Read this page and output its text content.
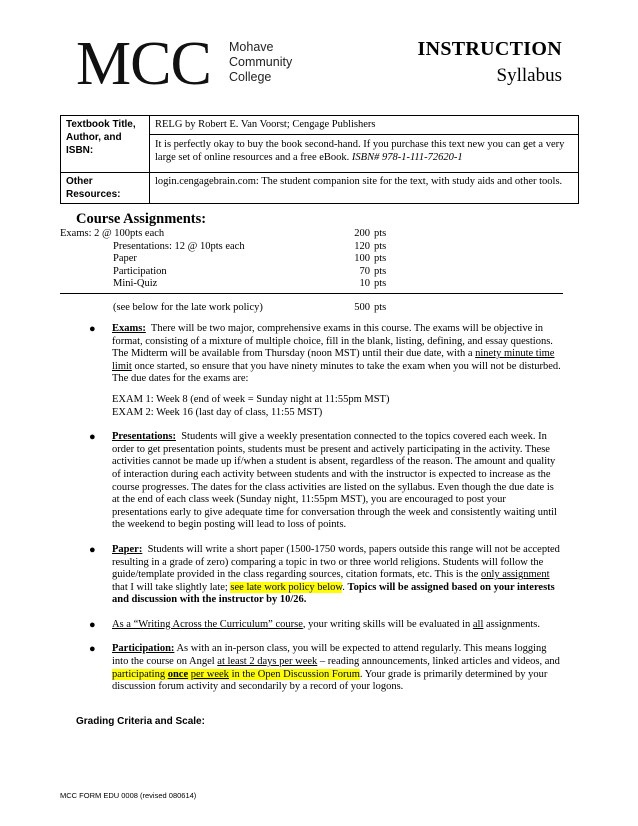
MCC Mohave
Community
College
INSTRUCTION
Syllabus
Textbook Title, Author, and ISBN:	RELG by Robert E. Van Voorst; Cengage Publishers
It is perfectly okay to buy the book second-hand. If you purchase this text new you can get a very large set of online resources and a free eBook. ISBN# 978-1-111-72620-1

Other Resources:	login.cengagebrain.com: The student companion site for the text, with study aids and other tools.
Course Assignments:
Exams: 2 @ 100pts each	200 pts
Presentations: 12 @ 10pts each	120 pts
Paper	100 pts
Participation	70 pts
Mini-Quiz	10 pts
(see below for the late work policy)	500 pts
● Exams: There will be two major, comprehensive exams in this course. The exams will be objective in format, consisting of a mixture of multiple choice, fill in the blank, listing, defining, and essay questions. The Midterm will be available from Thursday (noon MST) until their due date, with a ninety minute time limit once started, so ensure that you have ninety minutes to take the exam when you will not be disturbed. The due dates for the exams are:
EXAM 1: Week 8 (end of week = Sunday night at 11:55pm MST)
EXAM 2: Week 16 (last day of class, 11:55 MST)
● Presentations: Students will give a weekly presentation connected to the topics covered each week. In order to get presentation points, students must be present and actively participating in the activity. These activities cannot be made up if/when a student is absent, regardless of the reason. The amount and quality of interaction during each activity between students and with the instructor is expected to increase as the course progresses. The dates for the class activities are listed on the syllabus. Even though the due date is at the end of each class week (Sunday night, 11:55pm MST), you are encouraged to post your presentations early to give adequate time for conversation through the week and consistently waiting until the weekend to begin posting will lead to loss of points.
● Paper: Students will write a short paper (1500-1750 words, papers outside this range will not be accepted resulting in a grade of zero) comparing a topic in two or three world religions. Students will follow the guide/template provided in the class regarding sources, citation formats, etc. This is the only assignment that I will take slightly late; see late work policy below. Topics will be assigned based on your interests and discussion with the instructor by 10/26.
● As a “Writing Across the Curriculum” course, your writing skills will be evaluated in all assignments.
● Participation: As with an in-person class, you will be expected to attend regularly. This means logging into the course on Angel at least 2 days per week – reading announcements, linked articles and videos, and participating once per week in the Open Discussion Forum. Your grade is primarily determined by your discussion forum activity and secondarily by a record of your logons.
Grading Criteria and Scale:
MCC FORM EDU 0008 (revised 080614)
